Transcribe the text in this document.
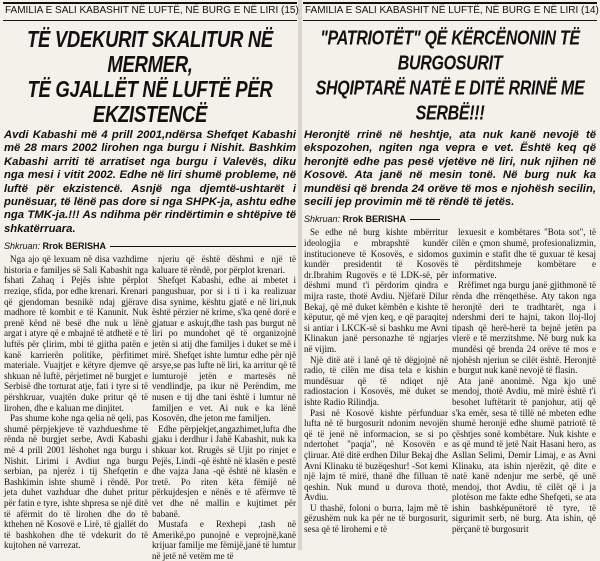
FAMILIA E SALI KABASHIT NË LUFTË, NË BURG E NË LIRI (15)
TË VDEKURIT SKALITUR NË MERMER,
TË GJALLËT NË LUFTË PËR EKZISTENCË
Avdi Kabashi më 4 prill 2001,ndërsa Shefqet Kabashi më 28 mars 2002 lirohen nga burgu i Nishit. Bashkim Kabashi arriti të arratiset nga burgu i Valevës, diku nga mesi i vitit 2002. Edhe në liri shumë probleme, në luftë për ekzistencë. Asnjë nga djemtë-ushtarët i punësuar, të lënë pas dore si nga SHPK-ja, ashtu edhe nga TMK-ja.!!! As ndihma për rindërtimin e shtëpive të shkatërruara.
Shkruan:
Rrok BERISHA

Nga ajo që lexuam në disa vazhdime historia e familjes së Sali Kabashit nga fshati Zahaq i Pejës ishte përplot rreziqe, sfida, por edhe krenari. Krenari që gjendoman besnikë ndaj gjërave madhore të kombit e të Kanunit. Nuk prenë kënd në besë dhe nuk u lënë argat i atyre që e mbajnë të atdhetë e të luftës për çlirim, mbi të gjitha patën e kanë karrierën politike, përfitimet materiale. Vuajtjet e këtyre djemve që shkuan në luftë, përjetimet në burgjet e Serbisë dhe torturat atje, fati i tyre si të përshkruar, vuajtën duke pritur që të lirohen, dhe e kaluan me dinjitet.

Pas shume kohe nga qelia në qeli, pas shumë përpjekjeve të vazhdueshme të rënda në burgjet serbe, Avdi Kabashi më 4 prill 2001 lëshohet nga burgu i Nishit. Lirimi i Avdiut nga burgu serbian, pa njerëz i tij Shefqetin e Bashkimin ishte shumë i rëndë. Por jeta duhet vazhduar dhe duhet pritur për fatin e tyre, ishte shpresa se një ditë të afërmit do të lirohen dhe do të kthehen në Kosovë e Lirë, të gjallët do të bashkohen dhe të vdekurit do të kujtohen në varrezat.

njeriu që është dëshmi e një të kaluare të rëndë, por përplot krenari.

Shefqet Kabashi, edhe ai mbetet i pangushuar, por si i ti i ka realizuar disa synime, kështu gjatë e në liri,nuk është përzier në krime, s'ka qenë dorë e gjatuar e askujt,dhe tash pas burgut në liri po mundohet që të organizojnë jetën si atij dhe familjes i duket se më i mirë. Shefqet ishte lumtur edhe për një arsye,se pas lufte në liri, ka arritur që të lumturojë jetën e martesës në vendlindje, pa ikur në Perëndim, me nusen e tij dhe tani është i lumtur në familjen e vet. Ai nuk e ka lënë Kosovën, dhe jeton me familjen.

Edhe përpjekjet,angazhimet,lufta dhe gjaku i derdhur i Jahë Kabashit, nuk ka shkuar kot. Rrugës së Ujit po rinjet e Pejës, Lindi -që është në klasën e pestë dhe vajza Jana -që është në klasën e tretë. Po riten këta fëmijë në përkujdesjen e nënës e të afërmve të vet dhe në mallin e kujtimet për babanë.

Mustafa e Rexhepi ,tash në Amerikë,po punojnë e veprojnë,kanë krijuar familje me fëmijë,janë të lumtur në jetë në vetëm me të

FAMILIA E SALI KABASHIT NË LUFTË, NË BURG E NË LIRI (14)
"PATRIOTËT" QË KËRCËNONIN TË BURGOSURIT
SHQIPTARË NATË E DITË RRINË ME SERBË!!!
Heronjtë rrinë në heshtje, ata nuk kanë nevojë të ekspozohen, ngiten nga vepra e vet. Është keq që heronjtë edhe pas pesë vjetëve në liri, nuk njihen në Kosovë. Ata janë në mesin tonë. Në burg nuk ka mundësi që brenda 24 orëve të mos e njohësh secilin, secili jep provimin më të rëndë të jetës.
Shkruan:
Rrok BERISHA

Se edhe në burg kishte mbërritur ideologjia e mbrapshtë kundër institucioneve të Kosovës, e sidomos kundër presidentit të Kosovës dr.Ibrahim Rugovës e të LDK-së, për dëshmi mund t'i përdorim qindra e mijra raste, thotë Avdiu. Njëfarë Dilur Bekaj, që më duket këmbën e kishte të këputur, që më vjen keq, e që paraqitej si antiar i LKCK-së si bashku me Avni Klinakun janë personazhe të ngjarjes në vijim.

Një ditë atë i lanë që të dëgjojnë në radio, të cilën me disa tela e kishin mundësuar që të ndiqet një radiostacion i Kosovës, më duket se ishte Radio Rilindja.

Pasi në Kosovë kishte përfunduar lufta në të burgosurit ndonim nevojën që të jenë në informacion, se si po ndertohet "paqja", në Kosovën e çliruar. Atë ditë erdhen Dilur Bekaj dhe Avni Klinaku të buzëqeshur! -Sot kemi një lajm të mirë, thanë dhe filluan të qeshin. Nuk mund u durova thotë, Avdiu.

U thashë, foloni o burra, lajm më të gëzushëm nuk ka për ne të burgosurit, sesa që të lirohemi e të

lexuesit e kombëtares "Bota sot", të cilën e çmon shumë, profesionalizmin, guximin e stafit dhe të guxuar të kesaj të përditshmeje kombëtare e informative.

Rrëfimet nga burgu janë gjithmonë të rënda dhe rrënqethëse. Aty takon nga heronjtë deri te tradhtarët, nga i ndershmi deri te hajni, takon lloj-lloj tipash që herë-herë ta bejnë jetën pa vlerë e të merzitshme. Në burg nuk ka mundësi që brenda 24 orëve të mos e njohësh njeriun se cilët është. Heronjtë e burgut nuk kanë nevojë të flasin.

Ata janë anonimë. Nga kjo unë mendoj, thotë Avdiu, më mirë është t'i besohet luftëtarit të panjohur, atij që s'ka emër, sesa të tillë në mbeten edhe shumë heronjë edhe shumë patriotë të çështjes sonë kombëtare. Nuk kishte e as që mund të jetë Nait Hasani hero, as Asllan Selimi, Demir Limaj, e as Avni Klinaku, ata ishin njerëzit, që dite e natë kanë ndenjur me serbë, që unë mendoj, thot Avdiu, të cilët që i ja plotëson me fakte edhe Shefqeti, se ata ishin bashkëpunëtorë të tyre, të sigurimit serb, në burg. Ata ishin, që përçanë të burgosurit
